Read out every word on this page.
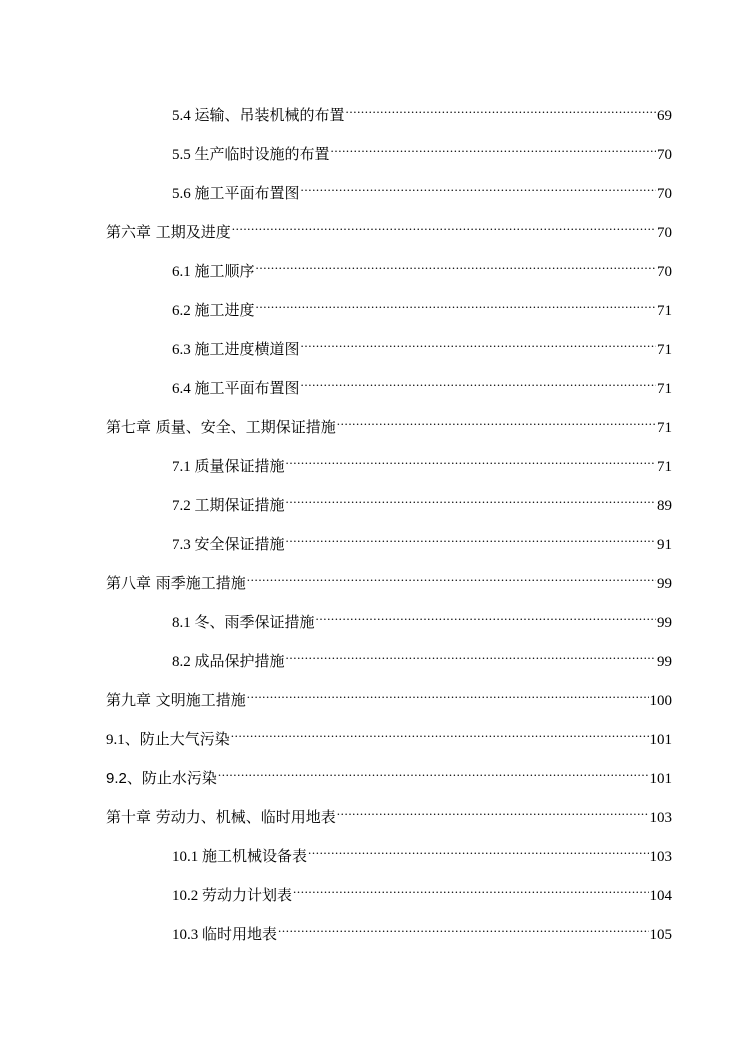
5.4 运输、吊装机械的布置 .....	69
5.5 生产临时设施的布置 .....	70
5.6 施工平面布置图 .....	70
第六章 工期及进度 .....	70
6.1 施工顺序 .....	70
6.2 施工进度 .....	71
6.3 施工进度横道图 .....	71
6.4 施工平面布置图 .....	71
第七章 质量、安全、工期保证措施 .....	71
7.1 质量保证措施 .....	71
7.2 工期保证措施 .....	89
7.3 安全保证措施 .....	91
第八章 雨季施工措施 .....	99
8.1 冬、雨季保证措施 .....	99
8.2 成品保护措施 .....	99
第九章 文明施工措施 .....	100
9.1、防止大气污染 .....	101
9.2、防止水污染 .....	101
第十章 劳动力、机械、临时用地表 .....	103
10.1 施工机械设备表 .....	103
10.2 劳动力计划表 .....	104
10.3 临时用地表 .....	105
